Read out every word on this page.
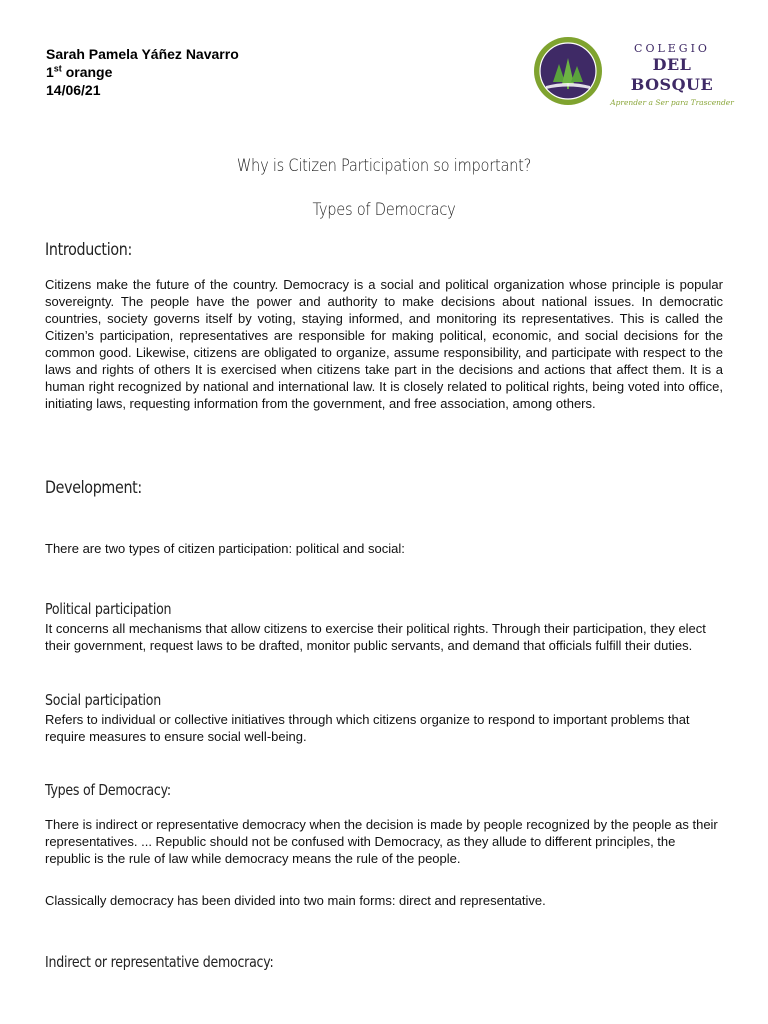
Sarah Pamela Yáñez Navarro
1st orange
14/06/21
COLEGIO
DEL BOSQUE
Aprender a Ser para Trascender
Why is Citizen Participation so important?
Types of Democracy
Introduction:
Citizens make the future of the country. Democracy is a social and political organization whose principle is popular sovereignty. The people have the power and authority to make decisions about national issues. In democratic countries, society governs itself by voting, staying informed, and monitoring its representatives. This is called the Citizen’s participation, representatives are responsible for making political, economic, and social decisions for the common good. Likewise, citizens are obligated to organize, assume responsibility, and participate with respect to the laws and rights of others It is exercised when citizens take part in the decisions and actions that affect them. It is a human right recognized by national and international law. It is closely related to political rights, being voted into office, initiating laws, requesting information from the government, and free association, among others.
Development:
There are two types of citizen participation: political and social:
Political participation
It concerns all mechanisms that allow citizens to exercise their political rights. Through their participation, they elect their government, request laws to be drafted, monitor public servants, and demand that officials fulfill their duties.
Social participation
Refers to individual or collective initiatives through which citizens organize to respond to important problems that require measures to ensure social well-being.
Types of Democracy:
There is indirect or representative democracy when the decision is made by people recognized by the people as their representatives. ... Republic should not be confused with Democracy, as they allude to different principles, the republic is the rule of law while democracy means the rule of the people.
Classically democracy has been divided into two main forms: direct and representative.
Indirect or representative democracy:
